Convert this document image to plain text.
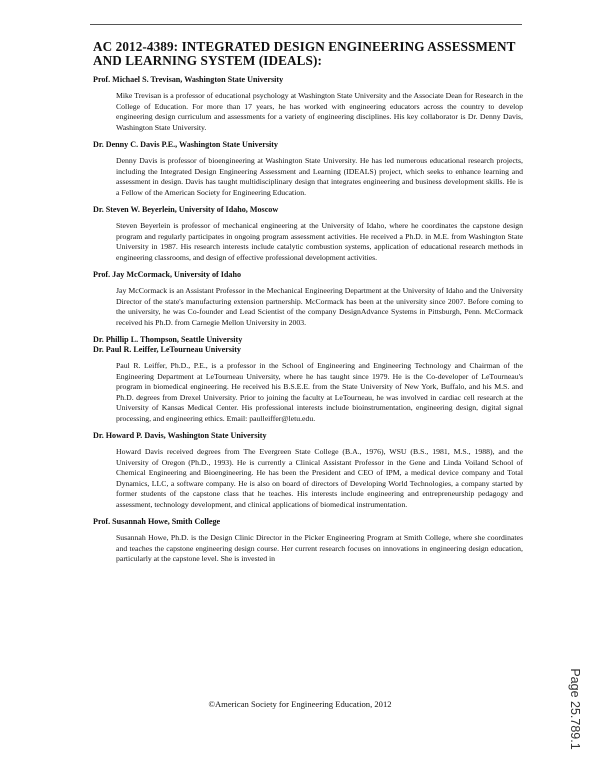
AC 2012-4389: INTEGRATED DESIGN ENGINEERING ASSESSMENT AND LEARNING SYSTEM (IDEALS):

Prof. Michael S. Trevisan, Washington State University

Mike Trevisan is a professor of educational psychology at Washington State University and the Associate Dean for Research in the College of Education. For more than 17 years, he has worked with engineering educators across the country to develop engineering design curriculum and assessments for a variety of engineering disciplines. His key collaborator is Dr. Denny Davis, Washington State University.

Dr. Denny C. Davis P.E., Washington State University

Denny Davis is professor of bioengineering at Washington State University. He has led numerous educational research projects, including the Integrated Design Engineering Assessment and Learning (IDEALS) project, which seeks to enhance learning and assessment in design. Davis has taught multidisciplinary design that integrates engineering and business development skills. He is a Fellow of the American Society for Engineering Education.

Dr. Steven W. Beyerlein, University of Idaho, Moscow

Steven Beyerlein is professor of mechanical engineering at the University of Idaho, where he coordinates the capstone design program and regularly participates in ongoing program assessment activities. He received a Ph.D. in M.E. from Washington State University in 1987. His research interests include catalytic combustion systems, application of educational research methods in engineering classrooms, and design of effective professional development activities.

Prof. Jay McCormack, University of Idaho

Jay McCormack is an Assistant Professor in the Mechanical Engineering Department at the University of Idaho and the University Director of the state's manufacturing extension partnership. McCormack has been at the university since 2007. Before coming to the university, he was Co-founder and Lead Scientist of the company DesignAdvance Systems in Pittsburgh, Penn. McCormack received his Ph.D. from Carnegie Mellon University in 2003.

Dr. Phillip L. Thompson, Seattle University

Dr. Paul R. Leiffer, LeTourneau University

Paul R. Leiffer, Ph.D., P.E., is a professor in the School of Engineering and Engineering Technology and Chairman of the Engineering Department at LeTourneau University, where he has taught since 1979. He is the Co-developer of LeTourneau's program in biomedical engineering. He received his B.S.E.E. from the State University of New York, Buffalo, and his M.S. and Ph.D. degrees from Drexel University. Prior to joining the faculty at LeTourneau, he was involved in cardiac cell research at the University of Kansas Medical Center. His professional interests include bioinstrumentation, engineering design, digital signal processing, and engineering ethics. Email: paulleiffer@letu.edu.

Dr. Howard P. Davis, Washington State University

Howard Davis received degrees from The Evergreen State College (B.A., 1976), WSU (B.S., 1981, M.S., 1988), and the University of Oregon (Ph.D., 1993). He is currently a Clinical Assistant Professor in the Gene and Linda Voiland School of Chemical Engineering and Bioengineering. He has been the President and CEO of IPM, a medical device company and Total Dynamics, LLC, a software company. He is also on board of directors of Developing World Technologies, a company started by former students of the capstone class that he teaches. His interests include engineering and entrepreneurship pedagogy and assessment, technology development, and clinical applications of biomedical instrumentation.

Prof. Susannah Howe, Smith College

Susannah Howe, Ph.D. is the Design Clinic Director in the Picker Engineering Program at Smith College, where she coordinates and teaches the capstone engineering design course. Her current research focuses on innovations in engineering design education, particularly at the capstone level. She is invested in

©American Society for Engineering Education, 2012	Page 25.789.1
